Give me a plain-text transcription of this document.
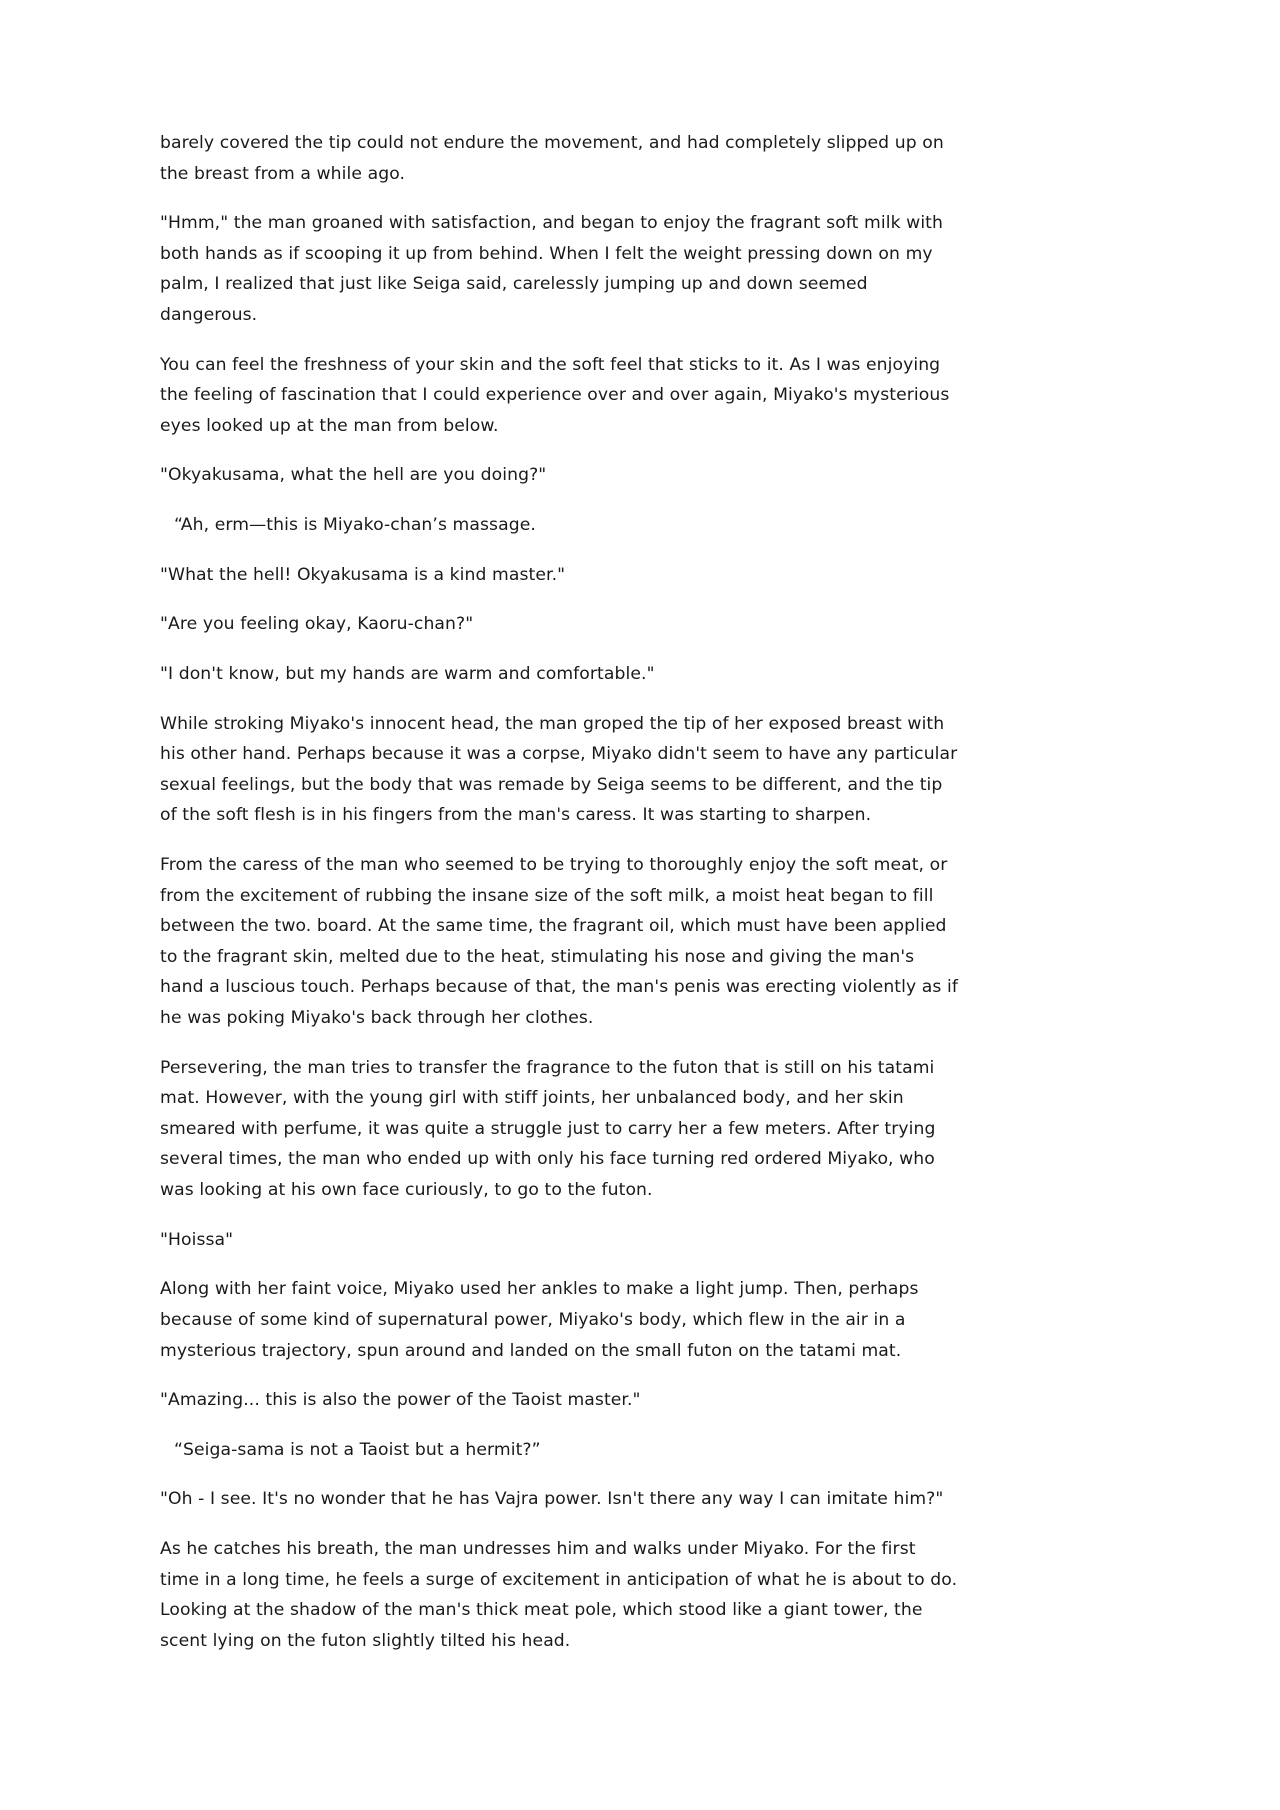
barely covered the tip could not endure the movement, and had completely slipped up on the breast from a while ago.

"Hmm," the man groaned with satisfaction, and began to enjoy the fragrant soft milk with both hands as if scooping it up from behind. When I felt the weight pressing down on my palm, I realized that just like Seiga said, carelessly jumping up and down seemed dangerous.

You can feel the freshness of your skin and the soft feel that sticks to it. As I was enjoying the feeling of fascination that I could experience over and over again, Miyako's mysterious eyes looked up at the man from below.

"Okyakusama, what the hell are you doing?"

“Ah, erm—this is Miyako-chan’s massage.

"What the hell! Okyakusama is a kind master."

"Are you feeling okay, Kaoru-chan?"

"I don't know, but my hands are warm and comfortable."

While stroking Miyako's innocent head, the man groped the tip of her exposed breast with his other hand. Perhaps because it was a corpse, Miyako didn't seem to have any particular sexual feelings, but the body that was remade by Seiga seems to be different, and the tip of the soft flesh is in his fingers from the man's caress. It was starting to sharpen.

From the caress of the man who seemed to be trying to thoroughly enjoy the soft meat, or from the excitement of rubbing the insane size of the soft milk, a moist heat began to fill between the two. board. At the same time, the fragrant oil, which must have been applied to the fragrant skin, melted due to the heat, stimulating his nose and giving the man's hand a luscious touch. Perhaps because of that, the man's penis was erecting violently as if he was poking Miyako's back through her clothes.

Persevering, the man tries to transfer the fragrance to the futon that is still on his tatami mat. However, with the young girl with stiff joints, her unbalanced body, and her skin smeared with perfume, it was quite a struggle just to carry her a few meters. After trying several times, the man who ended up with only his face turning red ordered Miyako, who was looking at his own face curiously, to go to the futon.

"Hoissa"

Along with her faint voice, Miyako used her ankles to make a light jump. Then, perhaps because of some kind of supernatural power, Miyako's body, which flew in the air in a mysterious trajectory, spun around and landed on the small futon on the tatami mat.

"Amazing... this is also the power of the Taoist master."

“Seiga-sama is not a Taoist but a hermit?”

"Oh - I see. It's no wonder that he has Vajra power. Isn't there any way I can imitate him?"

As he catches his breath, the man undresses him and walks under Miyako. For the first time in a long time, he feels a surge of excitement in anticipation of what he is about to do. Looking at the shadow of the man's thick meat pole, which stood like a giant tower, the scent lying on the futon slightly tilted his head.
